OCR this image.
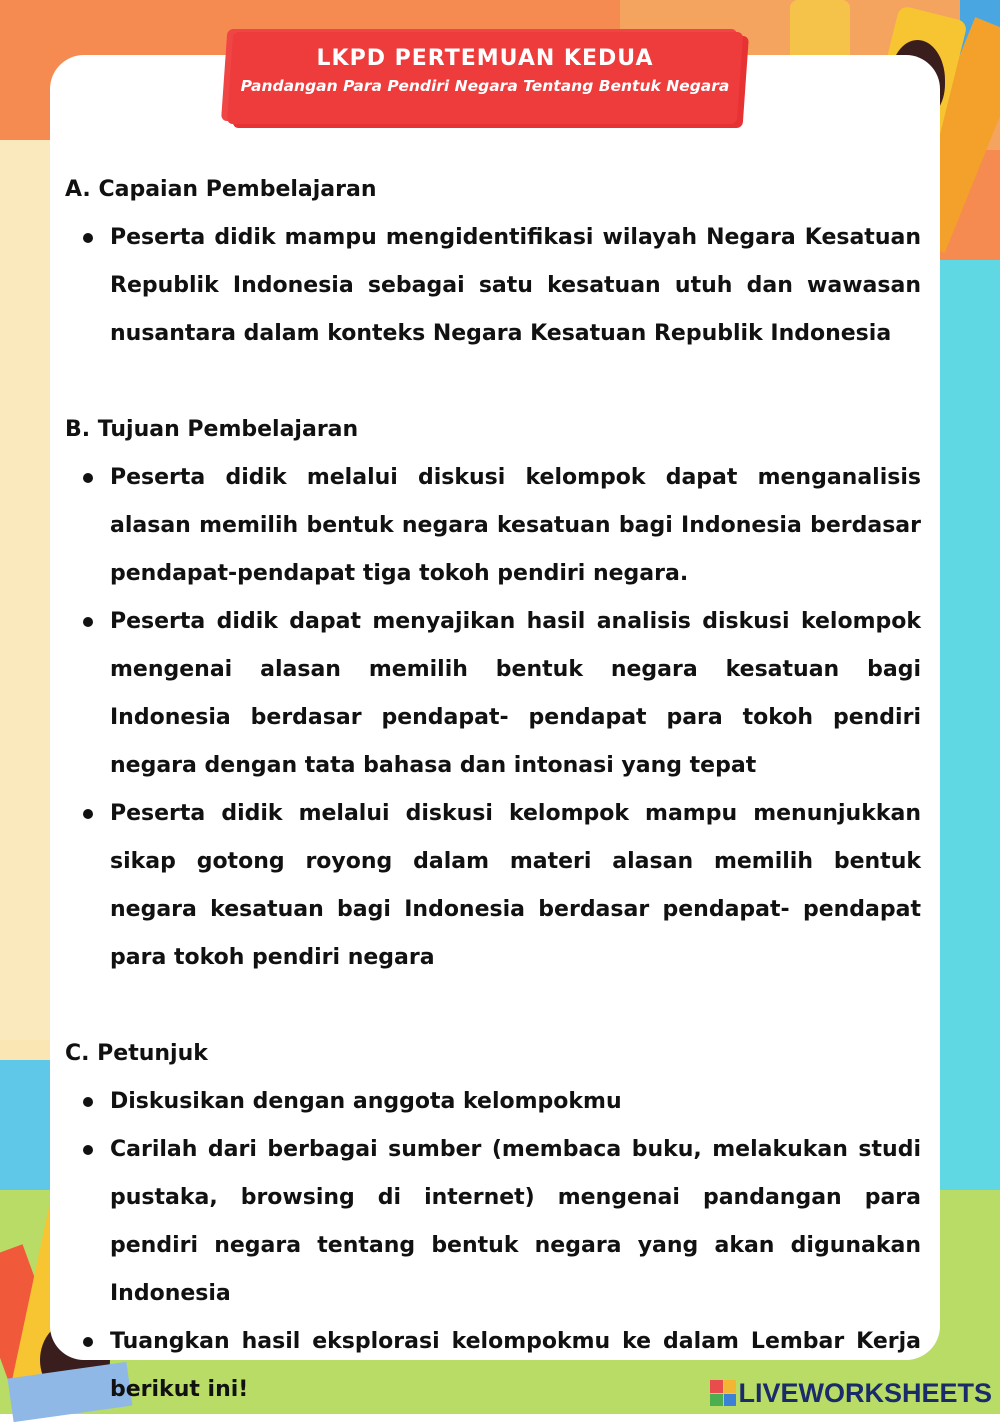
LKPD PERTEMUAN KEDUA
Pandangan Para Pendiri Negara Tentang Bentuk Negara
A. Capaian Pembelajaran
Peserta didik mampu mengidentifikasi wilayah Negara Kesatuan Republik Indonesia sebagai satu kesatuan utuh dan wawasan nusantara dalam konteks Negara Kesatuan Republik Indonesia
B. Tujuan Pembelajaran
Peserta didik melalui diskusi kelompok dapat menganalisis alasan memilih bentuk negara kesatuan bagi Indonesia berdasar pendapat-pendapat tiga tokoh pendiri negara.
Peserta didik dapat menyajikan hasil analisis diskusi kelompok mengenai alasan memilih bentuk negara kesatuan bagi Indonesia berdasar pendapat- pendapat para tokoh pendiri negara dengan tata bahasa dan intonasi yang tepat
Peserta didik melalui diskusi kelompok mampu menunjukkan sikap gotong royong dalam materi alasan memilih bentuk negara kesatuan bagi Indonesia berdasar pendapat- pendapat para tokoh pendiri negara
C. Petunjuk
Diskusikan dengan anggota kelompokmu
Carilah dari berbagai sumber (membaca buku, melakukan studi pustaka, browsing di internet) mengenai pandangan para pendiri negara tentang bentuk negara yang akan digunakan Indonesia
Tuangkan hasil eksplorasi kelompokmu ke dalam Lembar Kerja berikut ini!	LIVEWORKSHEETS
